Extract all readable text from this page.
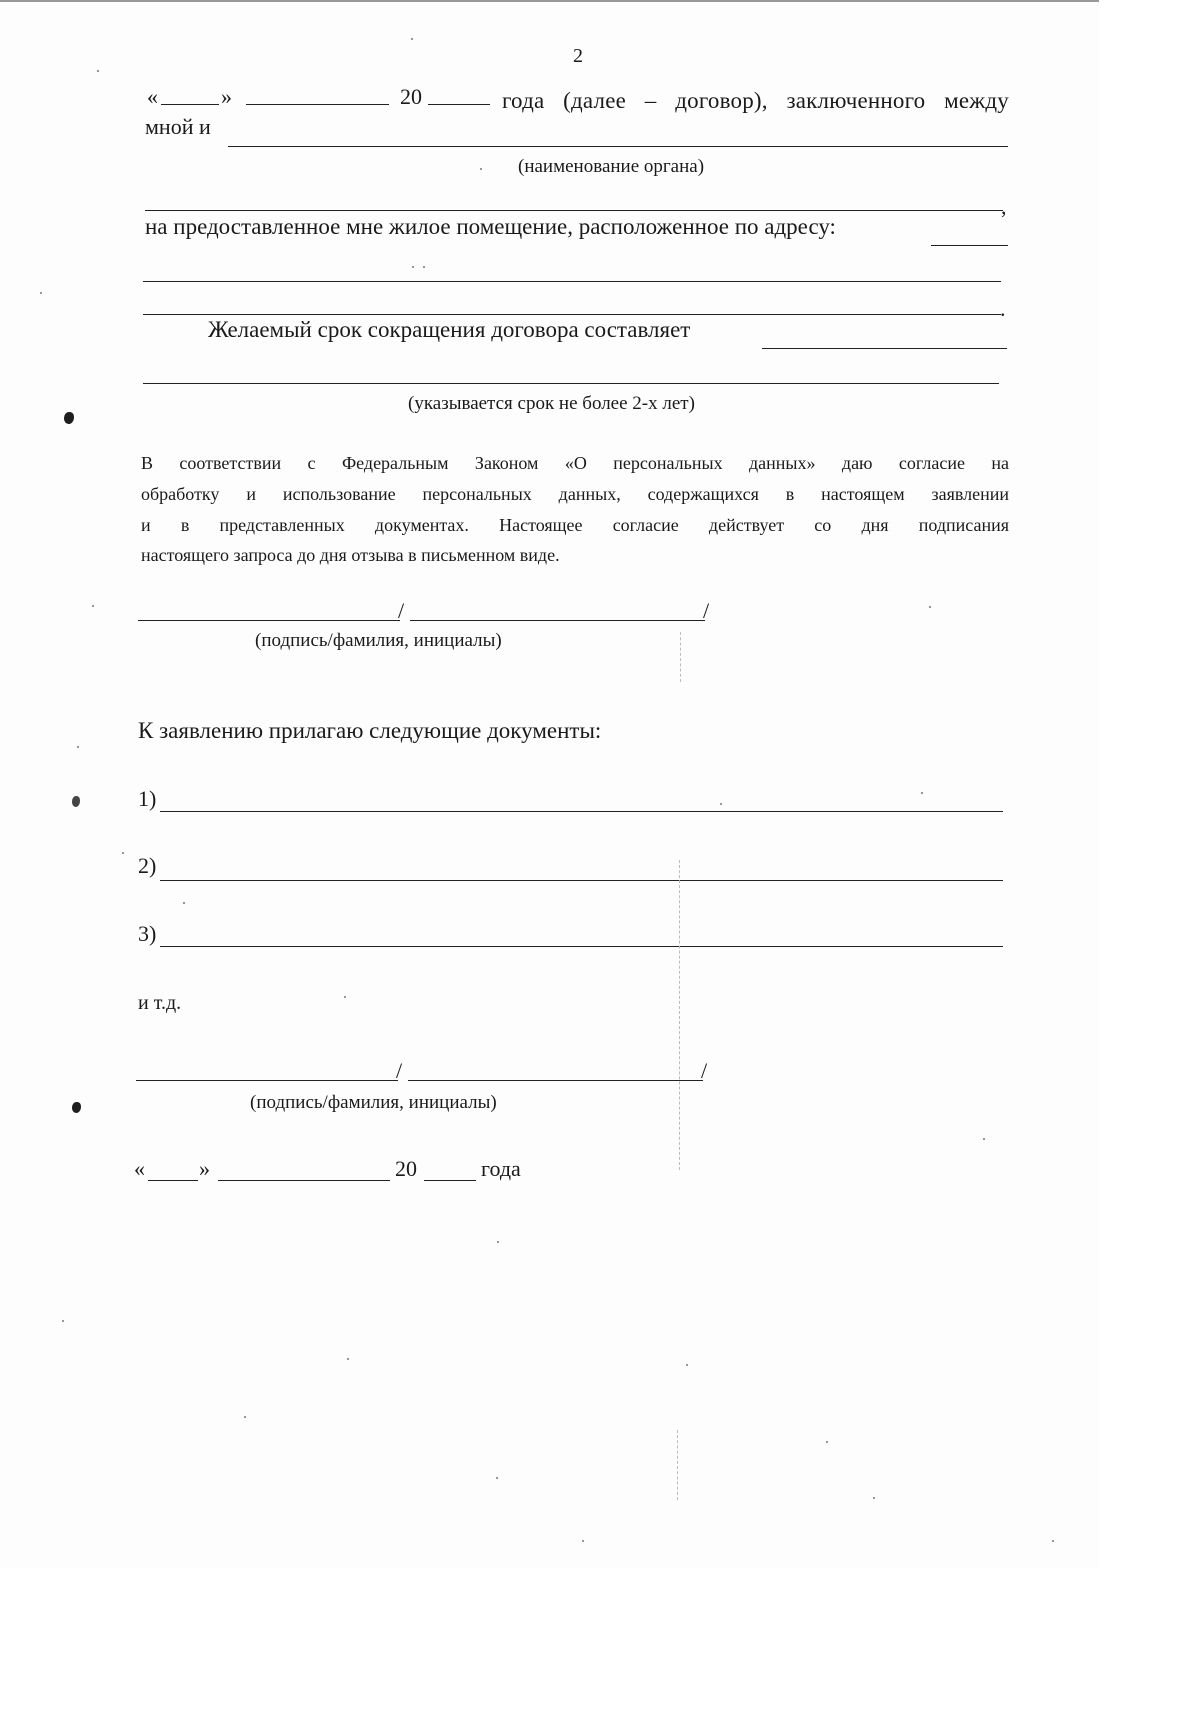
2
«	»	20	года (далее – договор), заключенного между
мной и
(наименование органа)
,
на предоставленное мне жилое помещение, расположенное по адресу:
.
Желаемый срок сокращения договора составляет
(указывается срок не более 2-х лет)
В соответствии с Федеральным Законом «О персональных данных» даю согласие на
обработку и использование персональных данных, содержащихся в настоящем заявлении
и в представленных документах. Настоящее согласие действует со дня подписания
настоящего запроса до дня отзыва в письменном виде.
/	/
(подпись/фамилия, инициалы)
К заявлению прилагаю следующие документы:
1)
2)
3)
и т.д.
/	/
(подпись/фамилия, инициалы)
« »	20	года
